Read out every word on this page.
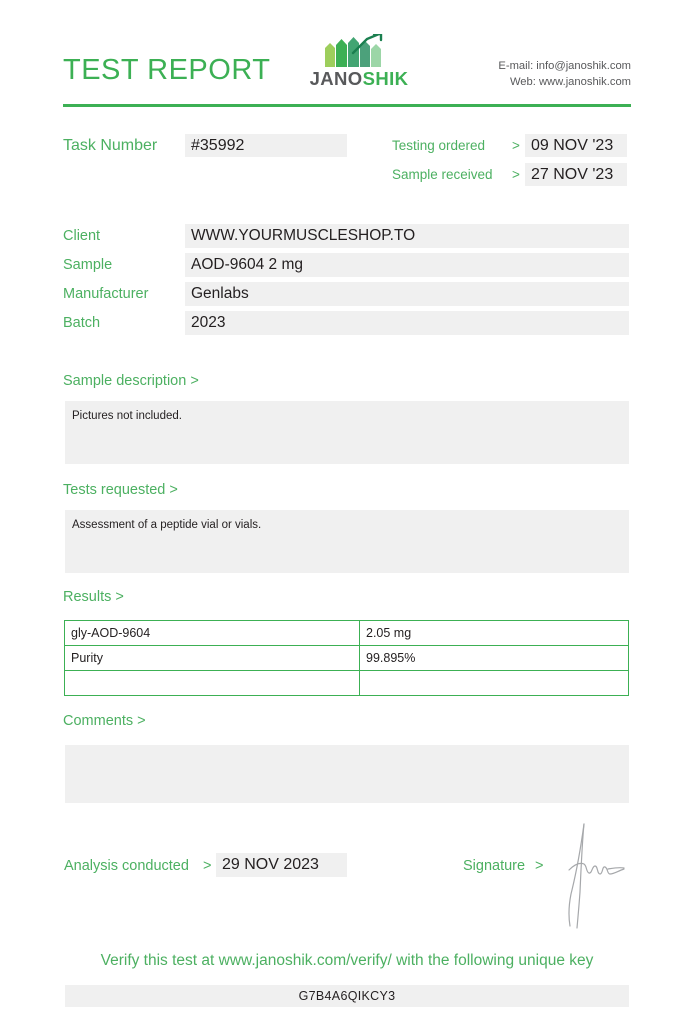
TEST REPORT	JANOSHIK
E-mail: info@janoshik.com
Web: www.janoshik.com
Task Number	#35992	Testing ordered > 09 NOV '23
Sample received > 27 NOV '23
Client	WWW.YOURMUSCLESHOP.TO
Sample	AOD-9604 2 mg
Manufacturer	Genlabs
Batch	2023
Sample description >
Pictures not included.
Tests requested >
Assessment of a peptide vial or vials.
Results >
gly-AOD-9604	2.05 mg
Purity	99.895%

Comments >
Analysis conducted > 29 NOV 2023	Signature >
Verify this test at www.janoshik.com/verify/ with the following unique key
G7B4A6QIKCY3
